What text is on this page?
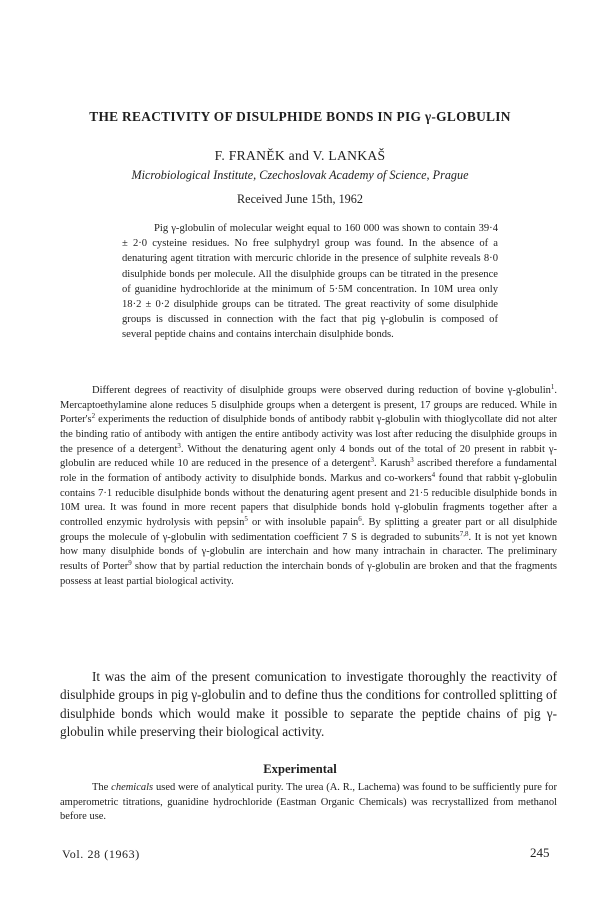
THE REACTIVITY OF DISULPHIDE BONDS IN PIG γ-GLOBULIN
F. FRANĚK and V. LANKAŠ
Microbiological Institute, Czechoslovak Academy of Science, Prague
Received June 15th, 1962

Pig γ-globulin of molecular weight equal to 160 000 was shown to contain 39·4 ± 2·0 cysteine residues. No free sulphydryl group was found. In the absence of a denaturing agent titration with mercuric chloride in the presence of sulphite reveals 8·0 disulphide bonds per molecule. All the disulphide groups can be titrated in the presence of guanidine hydrochloride at the minimum of 5·5M concentration. In 10M urea only 18·2 ± 0·2 disulphide groups can be titrated. The great reactivity of some disulphide groups is discussed in connection with the fact that pig γ-globulin is composed of several peptide chains and contains interchain disulphide bonds.

Different degrees of reactivity of disulphide groups were observed during reduction of bovine γ-globulin$^1$. Mercaptoethylamine alone reduces 5 disulphide groups when a detergent is present, 17 groups are reduced. While in $Porter's^2$ experiments the reduction of disulphide bonds of antibody rabbit γ-globulin with thioglycollate did not alter the binding ratio of antibody with antigen the entire antibody activity was lost after reducing the disulphide groups in the presence of a detergent$^3$. Without the denaturing agent only 4 bonds out of the total of 20 present in rabbit γ-globulin are reduced while 10 are reduced in the presence of a detergent$^3$. Karush$^3$ ascribed therefore a fundamental role in the formation of antibody activity to disulphide bonds. Markus and co-workers$^4$ found that rabbit γ-globulin contains 7·1 reducible disulphide bonds without the denaturing agent present and 21·5 reducible disulphide bonds in 10M urea. It was found in more recent papers that disulphide bonds hold γ-globulin fragments together after a controlled enzymic hydrolysis with pepsin$^5$ or with insoluble papain$^6$. By splitting a greater part or all disulphide groups the molecule of γ-globulin with sedimentation coefficient 7 S is degraded to subunits$^{7,8}$. It is not yet known how many disulphide bonds of γ-globulin are interchain and how many intrachain in character. The preliminary results of Porter$^9$ show that by partial reduction the interchain bonds of γ-globulin are broken and that the fragments possess at least partial biological activity.

It was the aim of the present comunication to investigate thoroughly the reactivity of disulphide groups in pig γ-globulin and to define thus the conditions for controlled splitting of disulphide bonds which would make it possible to separate the peptide chains of pig γ-globulin while preserving their biological activity.

Experimental

The chemicals used were of analytical purity. The urea (A. R., Lachema) was found to be sufficiently pure for amperometric titrations, guanidine hydrochloride (Eastman Organic Chemicals) was recrystallized from methanol before use.

Vol. 28 (1963)	245
